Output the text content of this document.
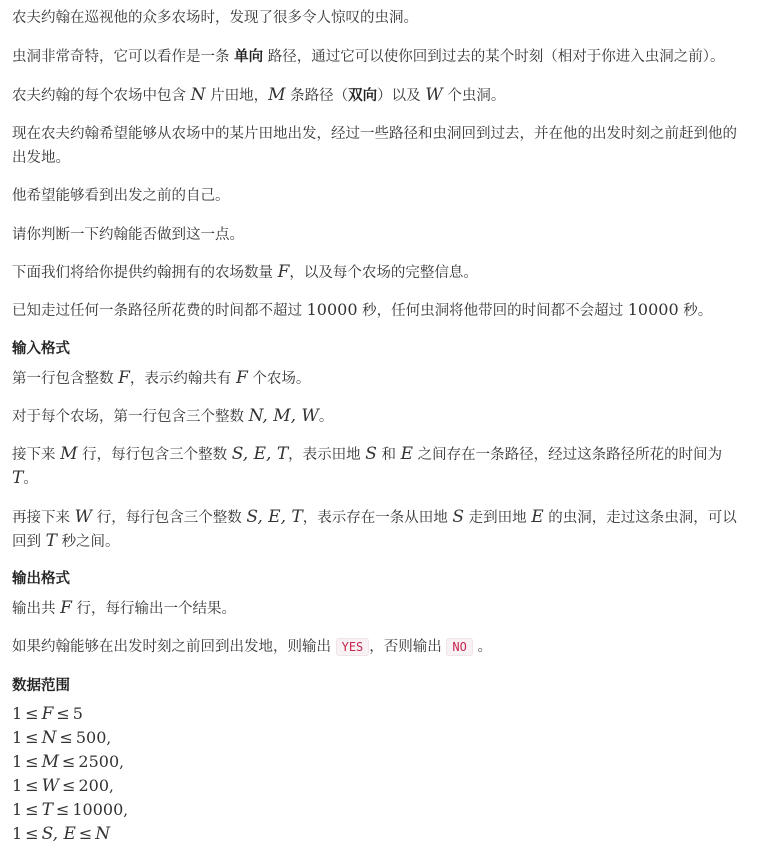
农夫约翰在巡视他的众多农场时，发现了很多令人惊叹的虫洞。
虫洞非常奇特，它可以看作是一条 单向 路径，通过它可以使你回到过去的某个时刻（相对于你进入虫洞之前）。
农夫约翰的每个农场中包含 N 片田地，M 条路径（双向）以及 W 个虫洞。
现在农夫约翰希望能够从农场中的某片田地出发，经过一些路径和虫洞回到过去，并在他的出发时刻之前赶到他的
出发地。
他希望能够看到出发之前的自己。
请你判断一下约翰能否做到这一点。
下面我们将给你提供约翰拥有的农场数量 F，以及每个农场的完整信息。
已知走过任何一条路径所花费的时间都不超过 10000 秒，任何虫洞将他带回的时间都不会超过 10000 秒。
输入格式
第一行包含整数 F，表示约翰共有 F 个农场。
对于每个农场，第一行包含三个整数 N, M, W。
接下来 M 行，每行包含三个整数 S, E, T，表示田地 S 和 E 之间存在一条路径，经过这条路径所花的时间为
T。
再接下来 W 行，每行包含三个整数 S, E, T，表示存在一条从田地 S 走到田地 E 的虫洞，走过这条虫洞，可以
回到 T 秒之间。
输出格式
输出共 F 行，每行输出一个结果。
如果约翰能够在出发时刻之前回到出发地，则输出 YES ，否则输出 NO 。
数据范围
1 ≤ F ≤ 5
1 ≤ N ≤ 500,
1 ≤ M ≤ 2500,
1 ≤ W ≤ 200,
1 ≤ T ≤ 10000,
1 ≤ S, E ≤ N
